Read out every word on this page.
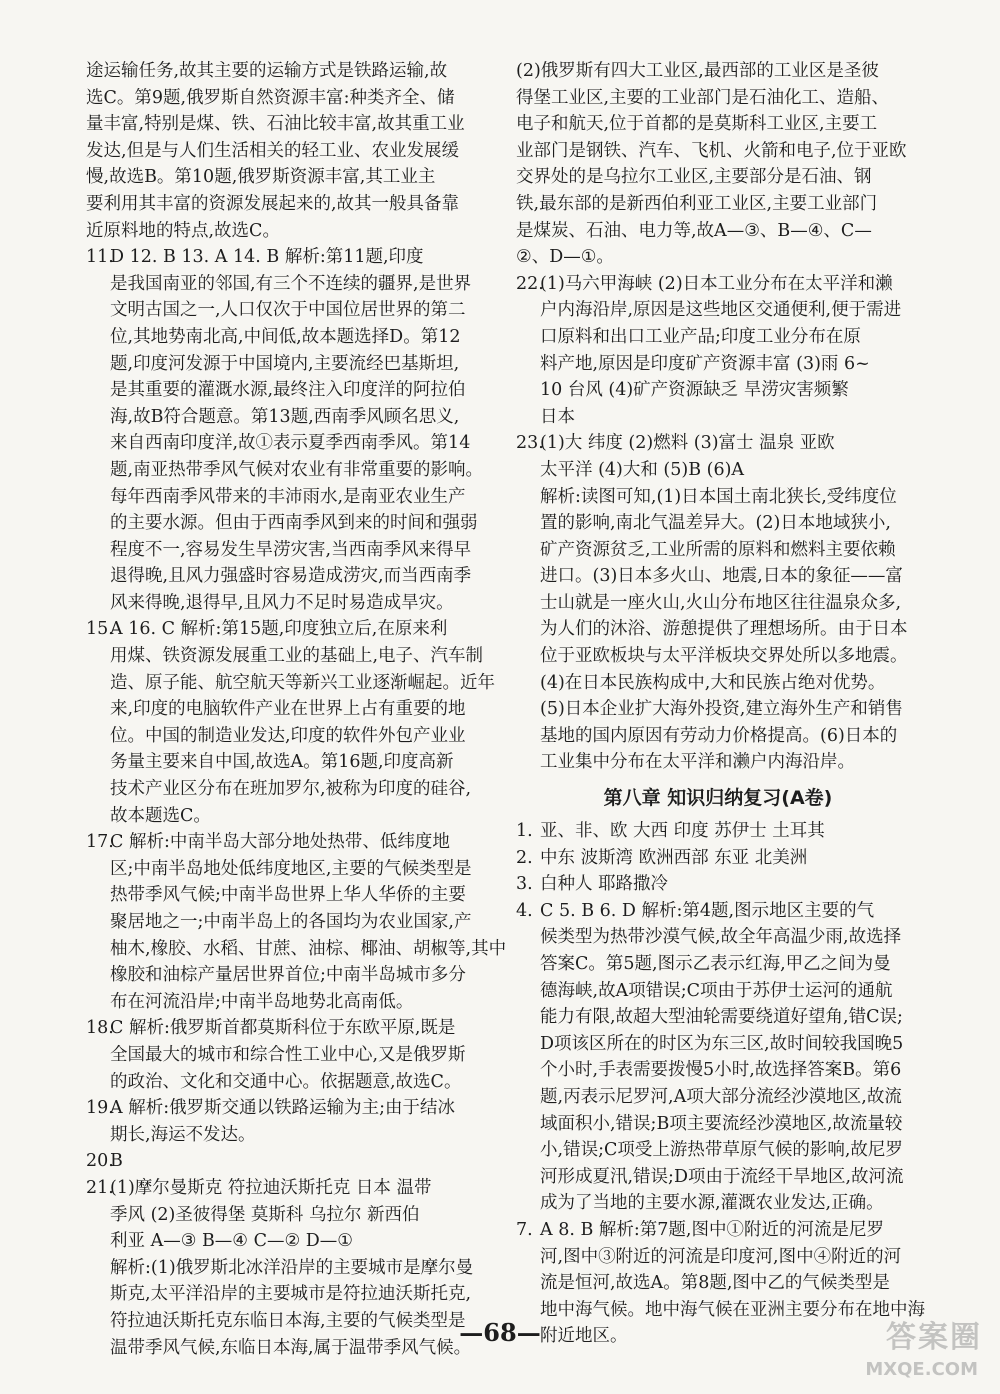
途运输任务,故其主要的运输方式是铁路运输,故
选C。第9题,俄罗斯自然资源丰富:种类齐全、储
量丰富,特别是煤、铁、石油比较丰富,故其重工业
发达,但是与人们生活相关的轻工业、农业发展缓
慢,故选B。第10题,俄罗斯资源丰富,其工业主
要利用其丰富的资源发展起来的,故其一般具备靠
近原料地的特点,故选C。
11.
D 12. B 13. A 14. B 解析:第11题,印度
是我国南亚的邻国,有三个不连续的疆界,是世界
文明古国之一,人口仅次于中国位居世界的第二
位,其地势南北高,中间低,故本题选择D。第12
题,印度河发源于中国境内,主要流经巴基斯坦,
是其重要的灌溉水源,最终注入印度洋的阿拉伯
海,故B符合题意。第13题,西南季风顾名思义,
来自西南印度洋,故①表示夏季西南季风。第14
题,南亚热带季风气候对农业有非常重要的影响。
每年西南季风带来的丰沛雨水,是南亚农业生产
的主要水源。但由于西南季风到来的时间和强弱
程度不一,容易发生旱涝灾害,当西南季风来得早
退得晚,且风力强盛时容易造成涝灾,而当西南季
风来得晚,退得早,且风力不足时易造成旱灾。
15.
A 16. C 解析:第15题,印度独立后,在原来利
用煤、铁资源发展重工业的基础上,电子、汽车制
造、原子能、航空航天等新兴工业逐渐崛起。近年
来,印度的电脑软件产业在世界上占有重要的地
位。中国的制造业发达,印度的软件外包产业业
务量主要来自中国,故选A。第16题,印度高新
技术产业区分布在班加罗尔,被称为印度的硅谷,
故本题选C。
17.
C 解析:中南半岛大部分地处热带、低纬度地
区;中南半岛地处低纬度地区,主要的气候类型是
热带季风气候;中南半岛世界上华人华侨的主要
聚居地之一;中南半岛上的各国均为农业国家,产
柚木,橡胶、水稻、甘蔗、油棕、椰油、胡椒等,其中
橡胶和油棕产量居世界首位;中南半岛城市多分
布在河流沿岸;中南半岛地势北高南低。
18.
C 解析:俄罗斯首都莫斯科位于东欧平原,既是
全国最大的城市和综合性工业中心,又是俄罗斯
的政治、文化和交通中心。依据题意,故选C。
19.
A 解析:俄罗斯交通以铁路运输为主;由于结冰
期长,海运不发达。
20.
B
21.
(1)摩尔曼斯克 符拉迪沃斯托克 日本 温带
季风 (2)圣彼得堡 莫斯科 乌拉尔 新西伯
利亚 A—③ B—④ C—② D—①
解析:(1)俄罗斯北冰洋沿岸的主要城市是摩尔曼
斯克,太平洋沿岸的主要城市是符拉迪沃斯托克,
符拉迪沃斯托克东临日本海,主要的气候类型是
温带季风气候,东临日本海,属于温带季风气候。
(2)俄罗斯有四大工业区,最西部的工业区是圣彼
得堡工业区,主要的工业部门是石油化工、造船、
电子和航天,位于首都的是莫斯科工业区,主要工
业部门是钢铁、汽车、飞机、火箭和电子,位于亚欧
交界处的是乌拉尔工业区,主要部分是石油、钢
铁,最东部的是新西伯利亚工业区,主要工业部门
是煤炭、石油、电力等,故A—③、B—④、C—
②、D—①。
22.
(1)马六甲海峡 (2)日本工业分布在太平洋和濑
户内海沿岸,原因是这些地区交通便利,便于需进
口原料和出口工业产品;印度工业分布在原
料产地,原因是印度矿产资源丰富 (3)雨 6~
10 台风 (4)矿产资源缺乏 旱涝灾害频繁
日本
23.
(1)大 纬度 (2)燃料 (3)富士 温泉 亚欧
太平洋 (4)大和 (5)B (6)A
解析:读图可知,(1)日本国土南北狭长,受纬度位
置的影响,南北气温差异大。(2)日本地域狭小,
矿产资源贫乏,工业所需的原料和燃料主要依赖
进口。(3)日本多火山、地震,日本的象征——富
士山就是一座火山,火山分布地区往往温泉众多,
为人们的沐浴、游憩提供了理想场所。由于日本
位于亚欧板块与太平洋板块交界处所以多地震。
(4)在日本民族构成中,大和民族占绝对优势。
(5)日本企业扩大海外投资,建立海外生产和销售
基地的国内原因有劳动力价格提高。(6)日本的
工业集中分布在太平洋和濑户内海沿岸。
第八章 知识归纳复习(A卷)
1. 亚、非、欧 大西 印度 苏伊士 土耳其
2. 中东 波斯湾 欧洲西部 东亚 北美洲
3. 白种人 耶路撒冷
4. C 5. B 6. D 解析:第4题,图示地区主要的气
候类型为热带沙漠气候,故全年高温少雨,故选择
答案C。第5题,图示乙表示红海,甲乙之间为曼
德海峡,故A项错误;C项由于苏伊士运河的通航
能力有限,故超大型油轮需要绕道好望角,错C误;
D项该区所在的时区为东三区,故时间较我国晚5
个小时,手表需要拨慢5小时,故选择答案B。第6
题,丙表示尼罗河,A项大部分流经沙漠地区,故流
域面积小,错误;B项主要流经沙漠地区,故流量较
小,错误;C项受上游热带草原气候的影响,故尼罗
河形成夏汛,错误;D项由于流经干旱地区,故河流
成为了当地的主要水源,灌溉农业发达,正确。
7. A 8. B 解析:第7题,图中①附近的河流是尼罗
河,图中③附近的河流是印度河,图中④附近的河
流是恒河,故选A。第8题,图中乙的气候类型是
地中海气候。地中海气候在亚洲主要分布在地中海
附近地区。
—68—	答案圈
MXQE.COM
